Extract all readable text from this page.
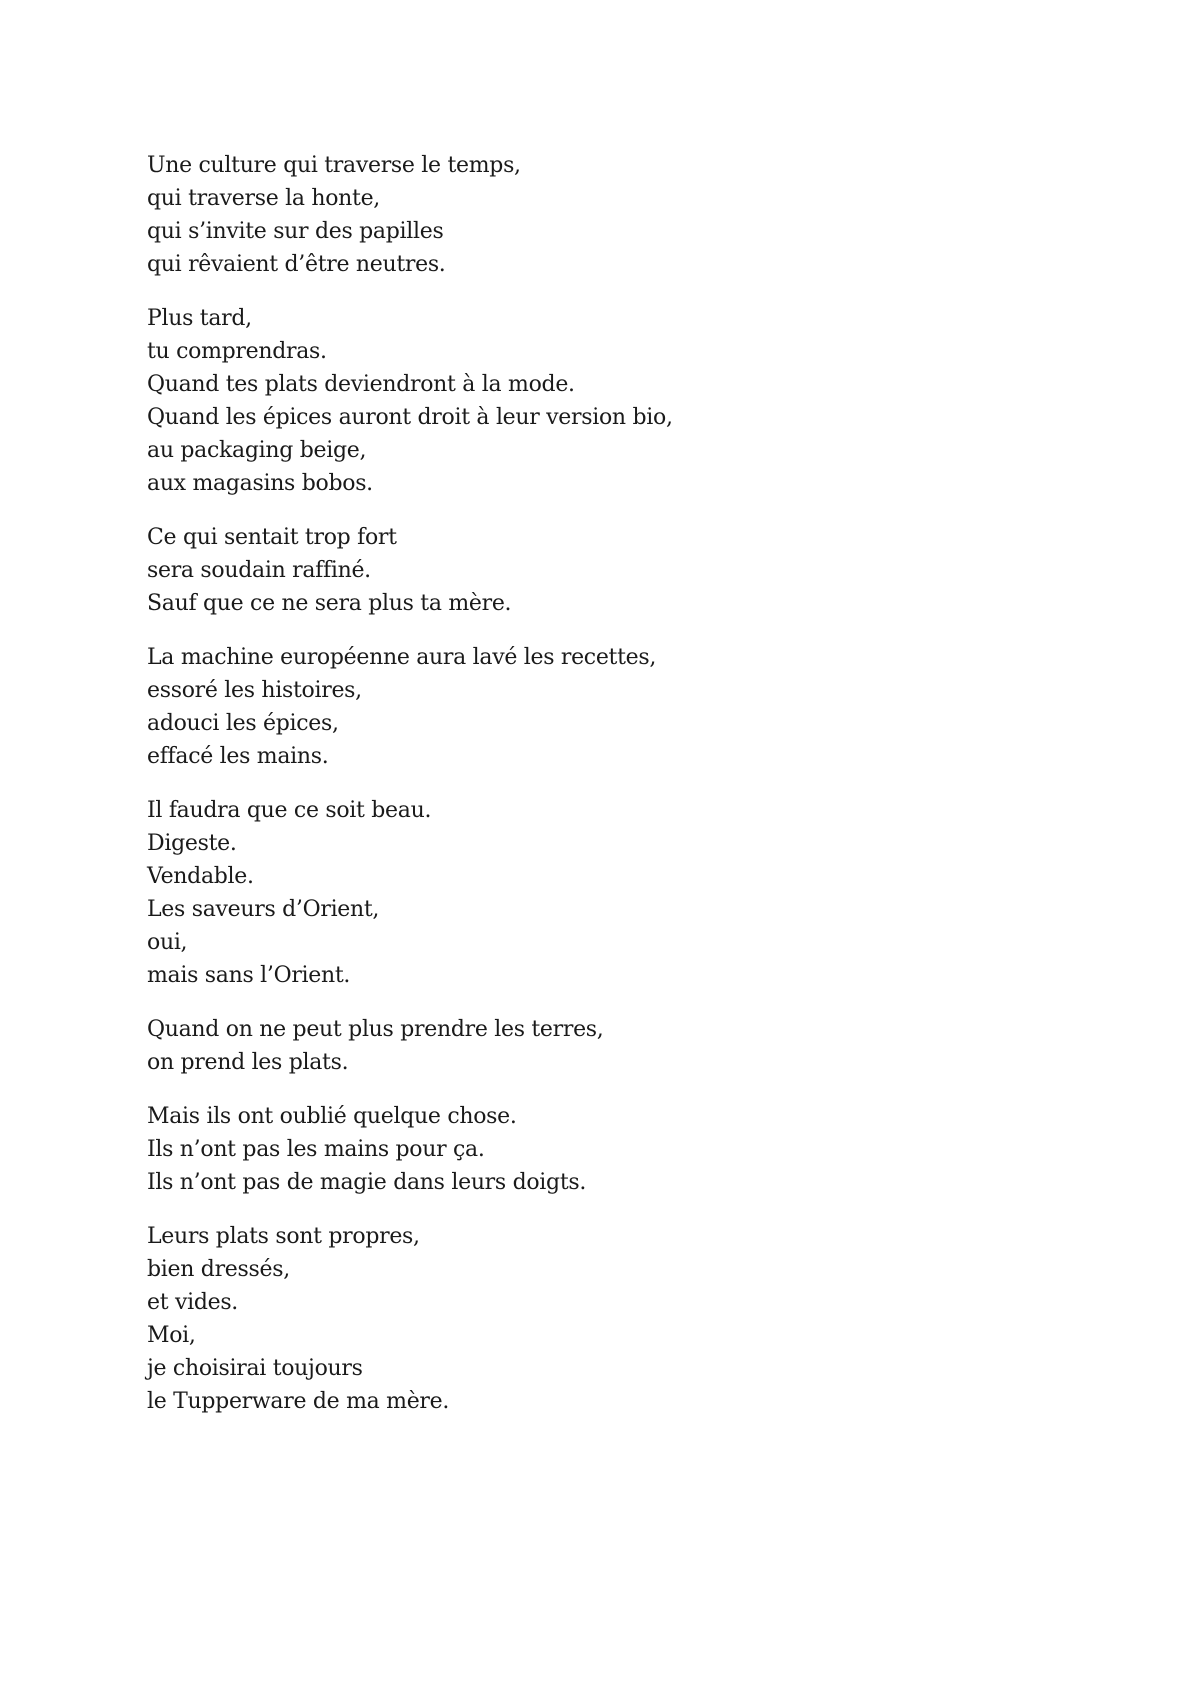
Une culture qui traverse le temps,
qui traverse la honte,
qui s’invite sur des papilles
qui rêvaient d’être neutres.
Plus tard,
tu comprendras.
Quand tes plats deviendront à la mode.
Quand les épices auront droit à leur version bio,
au packaging beige,
aux magasins bobos.
Ce qui sentait trop fort
sera soudain raffiné.
Sauf que ce ne sera plus ta mère.
La machine européenne aura lavé les recettes,
essoré les histoires,
adouci les épices,
effacé les mains.
Il faudra que ce soit beau.
Digeste.
Vendable.
Les saveurs d’Orient,
oui,
mais sans l’Orient.
Quand on ne peut plus prendre les terres,
on prend les plats.
Mais ils ont oublié quelque chose.
Ils n’ont pas les mains pour ça.
Ils n’ont pas de magie dans leurs doigts.
Leurs plats sont propres,
bien dressés,
et vides.
Moi,
je choisirai toujours
le Tupperware de ma mère.
